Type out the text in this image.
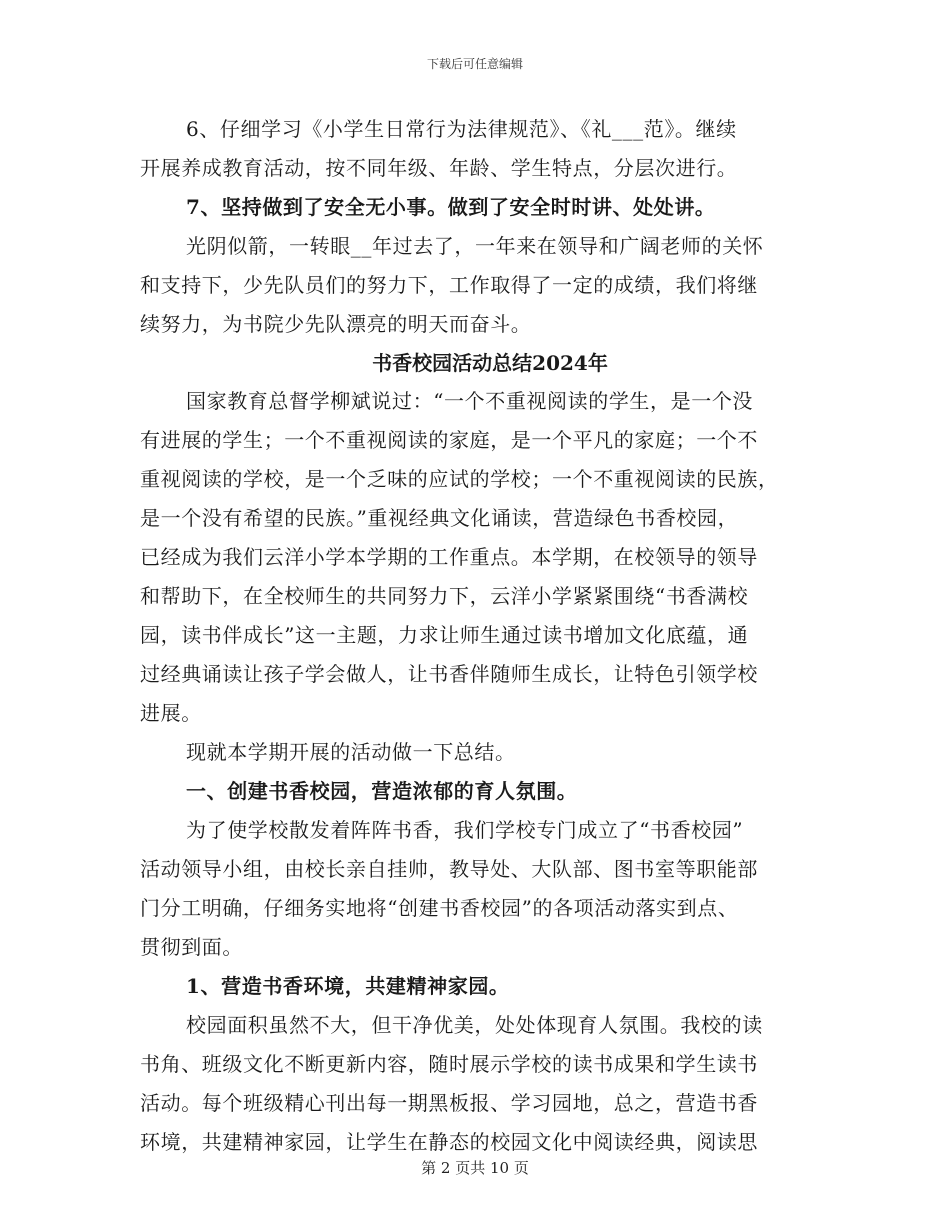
下载后可任意编辑
6、仔细学习《小学生日常行为法律规范》、《礼___范》。继续
开展养成教育活动，按不同年级、年龄、学生特点，分层次进行。
7、坚持做到了安全无小事。做到了安全时时讲、处处讲。
光阴似箭，一转眼__年过去了，一年来在领导和广阔老师的关怀
和支持下，少先队员们的努力下，工作取得了一定的成绩，我们将继
续努力，为书院少先队漂亮的明天而奋斗。
书香校园活动总结2024年
国家教育总督学柳斌说过：“一个不重视阅读的学生，是一个没
有进展的学生；一个不重视阅读的家庭，是一个平凡的家庭；一个不
重视阅读的学校，是一个乏味的应试的学校；一个不重视阅读的民族，
是一个没有希望的民族。”重视经典文化诵读，营造绿色书香校园，
已经成为我们云洋小学本学期的工作重点。本学期，在校领导的领导
和帮助下，在全校师生的共同努力下，云洋小学紧紧围绕“书香满校
园，读书伴成长”这一主题，力求让师生通过读书增加文化底蕴，通
过经典诵读让孩子学会做人，让书香伴随师生成长，让特色引领学校
进展。
现就本学期开展的活动做一下总结。
一、创建书香校园，营造浓郁的育人氛围。
为了使学校散发着阵阵书香，我们学校专门成立了“书香校园”
活动领导小组，由校长亲自挂帅，教导处、大队部、图书室等职能部
门分工明确，仔细务实地将“创建书香校园”的各项活动落实到点、
贯彻到面。
1、营造书香环境，共建精神家园。
校园面积虽然不大，但干净优美，处处体现育人氛围。我校的读
书角、班级文化不断更新内容，随时展示学校的读书成果和学生读书
活动。每个班级精心刊出每一期黑板报、学习园地，总之，营造书香
环境，共建精神家园，让学生在静态的校园文化中阅读经典，阅读思
第 2 页共 10 页
